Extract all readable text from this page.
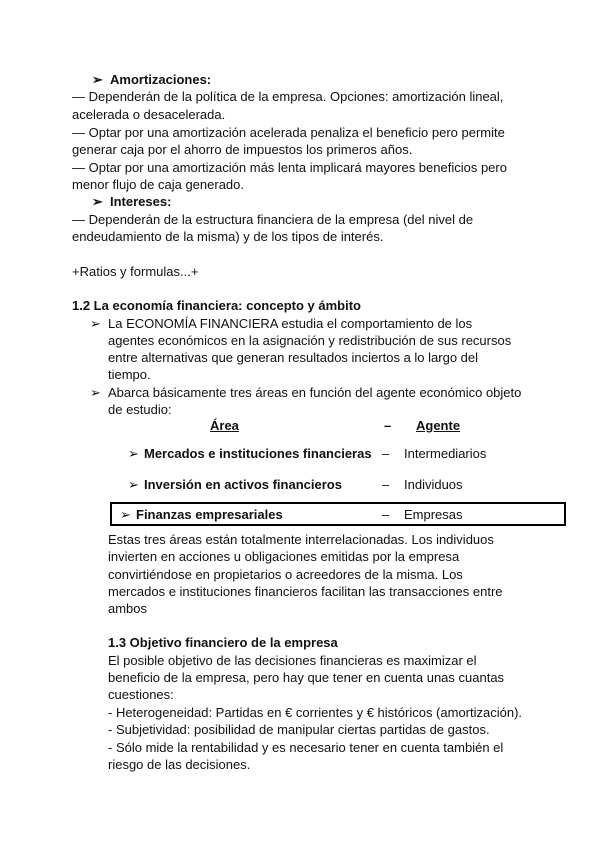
➢ Amortizaciones:
— Dependerán de la política de la empresa. Opciones: amortización lineal,
acelerada o desacelerada.
— Optar por una amortización acelerada penaliza el beneficio pero permite
generar caja por el ahorro de impuestos los primeros años.
— Optar por una amortización más lenta implicará mayores beneficios pero
menor flujo de caja generado.
➢ Intereses:
— Dependerán de la estructura financiera de la empresa (del nivel de
endeudamiento de la misma) y de los tipos de interés.
+Ratios y formulas...+
1.2 La economía financiera: concepto y ámbito
➢ La ECONOMÍA FINANCIERA estudia el comportamiento de los
agentes económicos en la asignación y redistribución de sus recursos
entre alternativas que generan resultados inciertos a lo largo del
tiempo.
➢ Abarca básicamente tres áreas en función del agente económico objeto
de estudio:
Área	– Agente
➢ Mercados e instituciones financieras – Intermediarios
➢ Inversión en activos financieros	– Individuos
➢ Finanzas empresariales	– Empresas
Estas tres áreas están totalmente interrelacionadas. Los individuos
invierten en acciones u obligaciones emitidas por la empresa
convirtiéndose en propietarios o acreedores de la misma. Los
mercados e instituciones financieros facilitan las transacciones entre
ambos
1.3 Objetivo financiero de la empresa
El posible objetivo de las decisiones financieras es maximizar el
beneficio de la empresa, pero hay que tener en cuenta unas cuantas
cuestiones:
- Heterogeneidad: Partidas en € corrientes y € históricos (amortización).
- Subjetividad: posibilidad de manipular ciertas partidas de gastos.
- Sólo mide la rentabilidad y es necesario tener en cuenta también el
riesgo de las decisiones.
